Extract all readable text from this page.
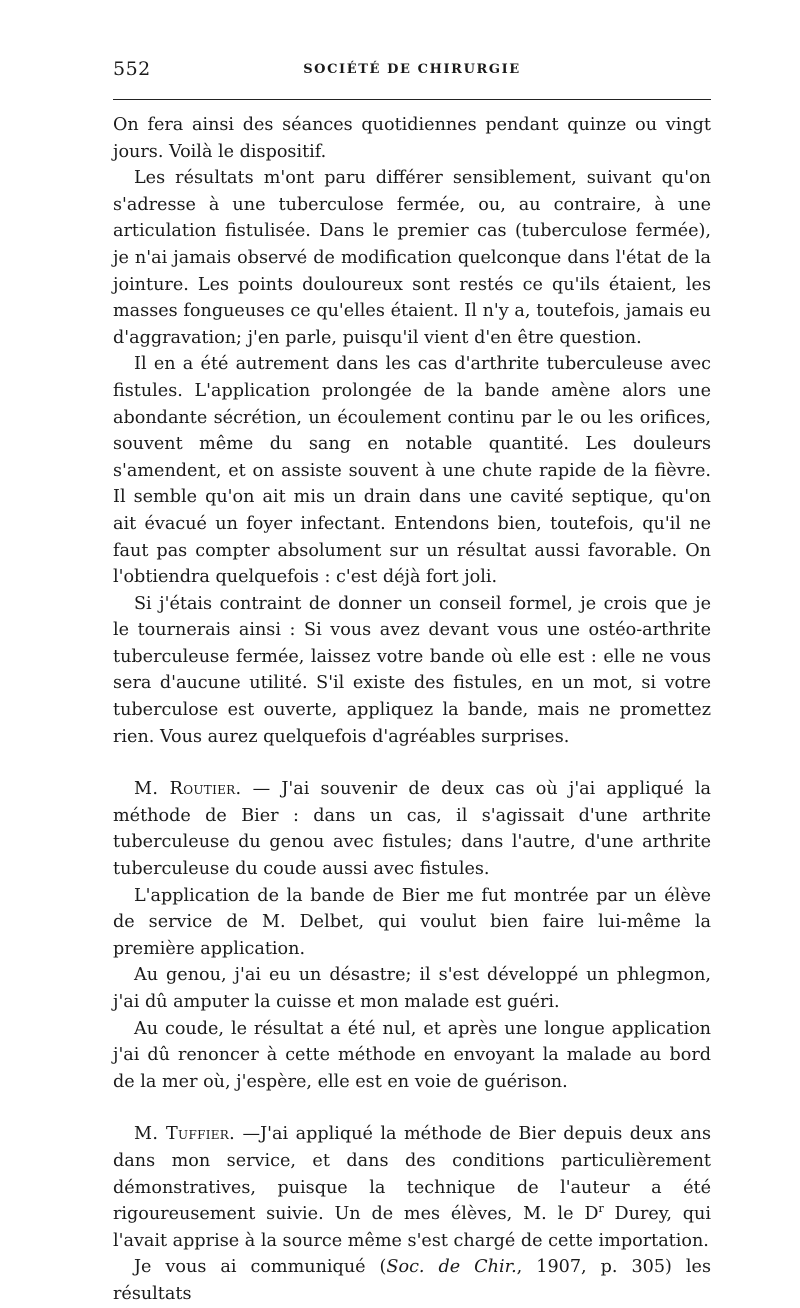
552	SOCIÉTÉ DE CHIRURGIE

On fera ainsi des séances quotidiennes pendant quinze ou vingt jours. Voilà le dispositif.

Les résultats m'ont paru différer sensiblement, suivant qu'on s'adresse à une tuberculose fermée, ou, au contraire, à une articulation fistulisée. Dans le premier cas (tuberculose fermée), je n'ai jamais observé de modification quelconque dans l'état de la jointure. Les points douloureux sont restés ce qu'ils étaient, les masses fongueuses ce qu'elles étaient. Il n'y a, toutefois, jamais eu d'aggravation; j'en parle, puisqu'il vient d'en être question.

Il en a été autrement dans les cas d'arthrite tuberculeuse avec fistules. L'application prolongée de la bande amène alors une abondante sécrétion, un écoulement continu par le ou les orifices, souvent même du sang en notable quantité. Les douleurs s'amendent, et on assiste souvent à une chute rapide de la fièvre. Il semble qu'on ait mis un drain dans une cavité septique, qu'on ait évacué un foyer infectant. Entendons bien, toutefois, qu'il ne faut pas compter absolument sur un résultat aussi favorable. On l'obtiendra quelquefois : c'est déjà fort joli.

Si j'étais contraint de donner un conseil formel, je crois que je le tournerais ainsi : Si vous avez devant vous une ostéo-arthrite tuberculeuse fermée, laissez votre bande où elle est : elle ne vous sera d'aucune utilité. S'il existe des fistules, en un mot, si votre tuberculose est ouverte, appliquez la bande, mais ne promettez rien. Vous aurez quelquefois d'agréables surprises.

M. Routier. — J'ai souvenir de deux cas où j'ai appliqué la méthode de Bier : dans un cas, il s'agissait d'une arthrite tuberculeuse du genou avec fistules; dans l'autre, d'une arthrite tuberculeuse du coude aussi avec fistules.

L'application de la bande de Bier me fut montrée par un élève de service de M. Delbet, qui voulut bien faire lui-même la première application.

Au genou, j'ai eu un désastre; il s'est développé un phlegmon, j'ai dû amputer la cuisse et mon malade est guéri.

Au coude, le résultat a été nul, et après une longue application j'ai dû renoncer à cette méthode en envoyant la malade au bord de la mer où, j'espère, elle est en voie de guérison.

M. Tuffier. —J'ai appliqué la méthode de Bier depuis deux ans dans mon service, et dans des conditions particulièrement démonstratives, puisque la technique de l'auteur a été rigoureusement suivie. Un de mes élèves, M. le $D^r$ Durey, qui l'avait apprise à la source même s'est chargé de cette importation.

Je vous ai communiqué (Soc. de Chir., 1907, p. 305) les résultats
